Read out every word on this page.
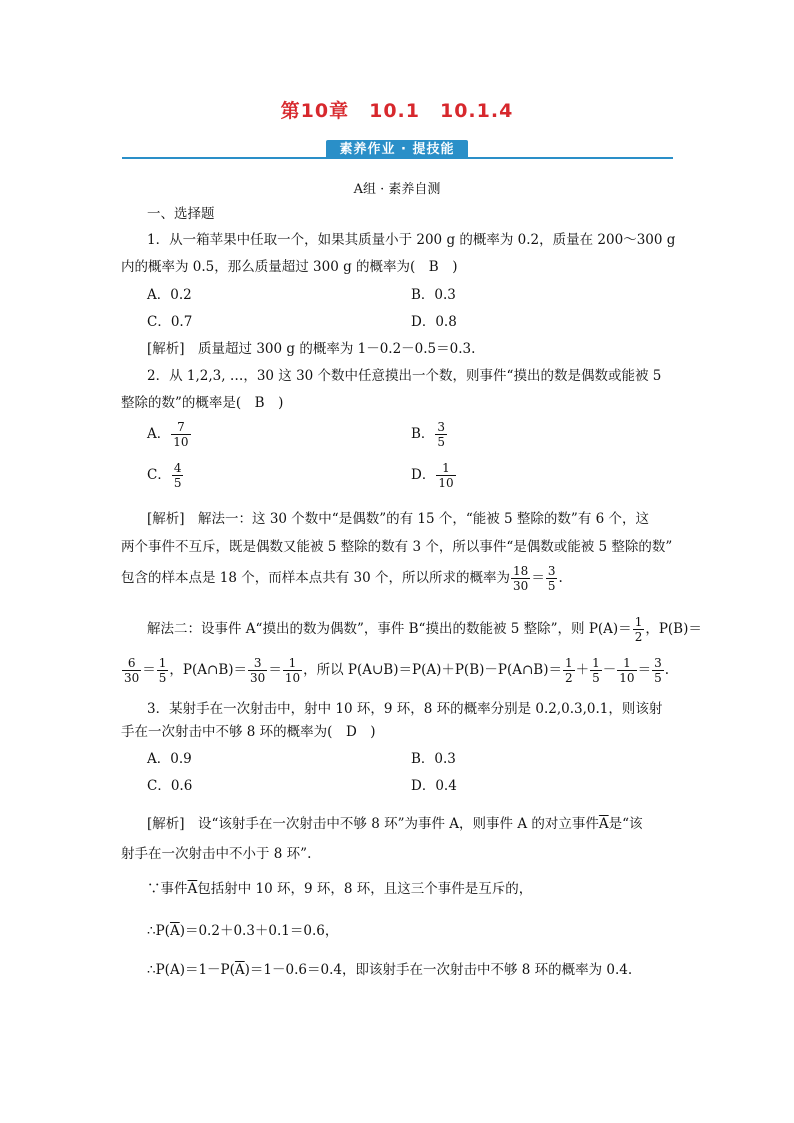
第10章　10.1　10.1.4
素养作业 · 提技能
A组 · 素养自测
一、选择题
1．从一箱苹果中任取一个，如果其质量小于 200 g 的概率为 0.2，质量在 200～300 g
内的概率为 0.5，那么质量超过 300 g 的概率为(　B　)
A．0.2	B．0.3
C．0.7	D．0.8
[解析]　质量超过 300 g 的概率为 1－0.2－0.5＝0.3.
2．从 1,2,3, …，30 这 30 个数中任意摸出一个数，则事件“摸出的数是偶数或能被 5
整除的数”的概率是(　B　)
A． $\frac{7}{10}$	B． $\frac{3}{5}$
C． $\frac{4}{5}$	D． $\frac{1}{10}$
[解析]　解法一：这 30 个数中“是偶数”的有 15 个，“能被 5 整除的数”有 6 个，这
两个事件不互斥，既是偶数又能被 5 整除的数有 3 个，所以事件“是偶数或能被 5 整除的数”
包含的样本点是 18 个，而样本点共有 30 个，所以所求的概率为 $\frac{18}{30} = \frac{3}{5}$ .
解法二：设事件 A“摸出的数为偶数”，事件 B“摸出的数能被 5 整除”，则 $P(A)= \frac{1}{2}$ ，P(B)＝
$\frac{6}{30} = \frac{1}{5}$ ，P(A∩B)＝ $\frac{3}{30} = \frac{1}{10}$ ，所以 P(A∪B)＝P(A)＋P(B)－P(A∩B)＝ $\frac{1}{2} + \frac{1}{5} - \frac{1}{10} = \frac{3}{5}$ .
3．某射手在一次射击中，射中 10 环，9 环，8 环的概率分别是 0.2,0.3,0.1，则该射
手在一次射击中不够 8 环的概率为(　D　)
A．0.9	B．0.3
C．0.6	D．0.4
[解析]　设“该射手在一次射击中不够 8 环”为事件 A，则事件 A 的对立事件$\overline{A}$是“该
射手在一次射击中不小于 8 环”.
∵事件$\overline{A}$包括射中 10 环，9 环，8 环，且这三个事件是互斥的，
$\therefore P(\overline{A})=0.2+0.3+0.1=0.6$，
$\therefore P(A)=1-P(\overline{A})=1-0.6=0.4$，即该射手在一次射击中不够 8 环的概率为 0.4.
